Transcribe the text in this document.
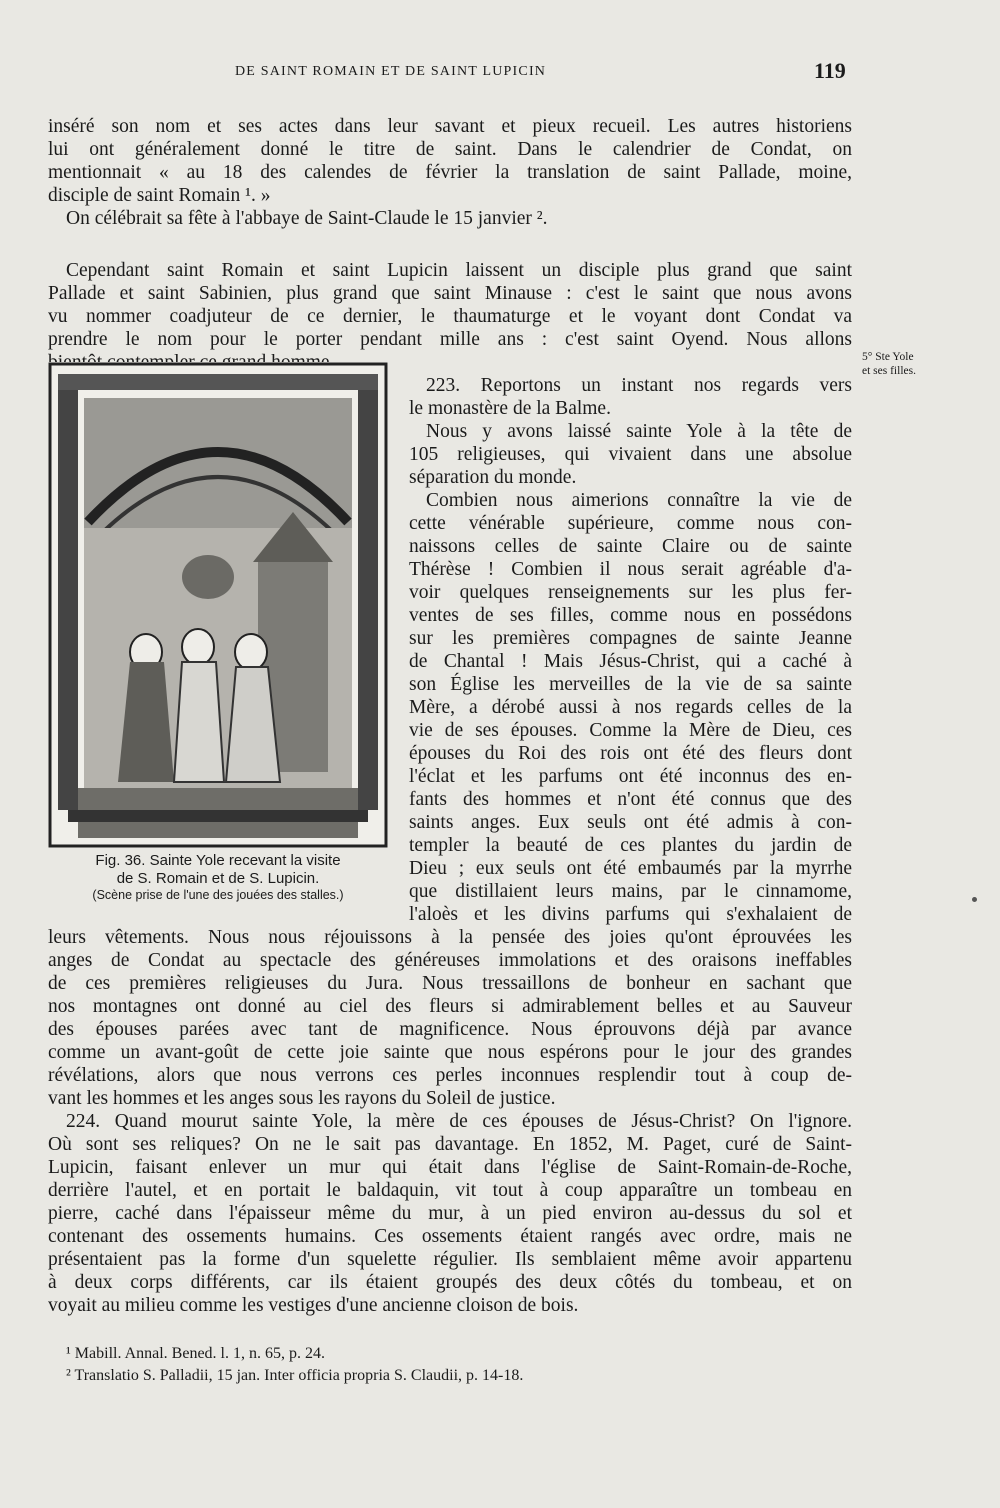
DE SAINT ROMAIN ET DE SAINT LUPICIN	119
inséré son nom et ses actes dans leur savant et pieux recueil. Les autres historiens
lui ont généralement donné le titre de saint. Dans le calendrier de Condat, on
mentionnait « au 18 des calendes de février la translation de saint Pallade, moine,
disciple de saint Romain ¹. »
On célébrait sa fête à l'abbaye de Saint-Claude le 15 janvier ².
Cependant saint Romain et saint Lupicin laissent un disciple plus grand que saint
Pallade et saint Sabinien, plus grand que saint Minause : c'est le saint que nous avons
vu nommer coadjuteur de ce dernier, le thaumaturge et le voyant dont Condat va
prendre le nom pour le porter pendant mille ans : c'est saint Oyend. Nous allons
Fig. 36. Sainte Yole recevant la visite
de S. Romain et de S. Lupicin.
(Scène prise de l'une des jouées des stalles.)
5° Ste Yole
et ses filles.
223. Reportons un instant nos regards vers
le monastère de la Balme.
Nous y avons laissé sainte Yole à la tête de
105 religieuses, qui vivaient dans une absolue
séparation du monde.
Combien nous aimerions connaître la vie de
cette vénérable supérieure, comme nous con-
naissons celles de sainte Claire ou de sainte
Thérèse ! Combien il nous serait agréable d'a-
voir quelques renseignements sur les plus fer-
ventes de ses filles, comme nous en possédons
sur les premières compagnes de sainte Jeanne
de Chantal ! Mais Jésus-Christ, qui a caché à
son Église les merveilles de la vie de sa sainte
Mère, a dérobé aussi à nos regards celles de la
vie de ses épouses. Comme la Mère de Dieu, ces
épouses du Roi des rois ont été des fleurs dont
l'éclat et les parfums ont été inconnus des en-
fants des hommes et n'ont été connus que des
saints anges. Eux seuls ont été admis à con-
templer la beauté de ces plantes du jardin de
Dieu ; eux seuls ont été embaumés par la myrrhe
que distillaient leurs mains, par le cinnamome,
l'aloès et les divins parfums qui s'exhalaient de
leurs vêtements. Nous nous réjouissons à la pensée des joies qu'ont éprouvées les
anges de Condat au spectacle des généreuses immolations et des oraisons ineffables
de ces premières religieuses du Jura. Nous tressaillons de bonheur en sachant que
nos montagnes ont donné au ciel des fleurs si admirablement belles et au Sauveur
des épouses parées avec tant de magnificence. Nous éprouvons déjà par avance
comme un avant-goût de cette joie sainte que nous espérons pour le jour des grandes
révélations, alors que nous verrons ces perles inconnues resplendir tout à coup de-
vant les hommes et les anges sous les rayons du Soleil de justice.
224. Quand mourut sainte Yole, la mère de ces épouses de Jésus-Christ? On l'ignore.
Où sont ses reliques? On ne le sait pas davantage. En 1852, M. Paget, curé de Saint-
Lupicin, faisant enlever un mur qui était dans l'église de Saint-Romain-de-Roche,
derrière l'autel, et en portait le baldaquin, vit tout à coup apparaître un tombeau en
pierre, caché dans l'épaisseur même du mur, à un pied environ au-dessus du sol et
contenant des ossements humains. Ces ossements étaient rangés avec ordre, mais ne
présentaient pas la forme d'un squelette régulier. Ils semblaient même avoir appartenu
à deux corps différents, car ils étaient groupés des deux côtés du tombeau, et on
voyait au milieu comme les vestiges d'une ancienne cloison de bois.
¹ Mabill. Annal. Bened. l. 1, n. 65, p. 24.
² Translatio S. Palladii, 15 jan. Inter officia propria S. Claudii, p. 14-18.
